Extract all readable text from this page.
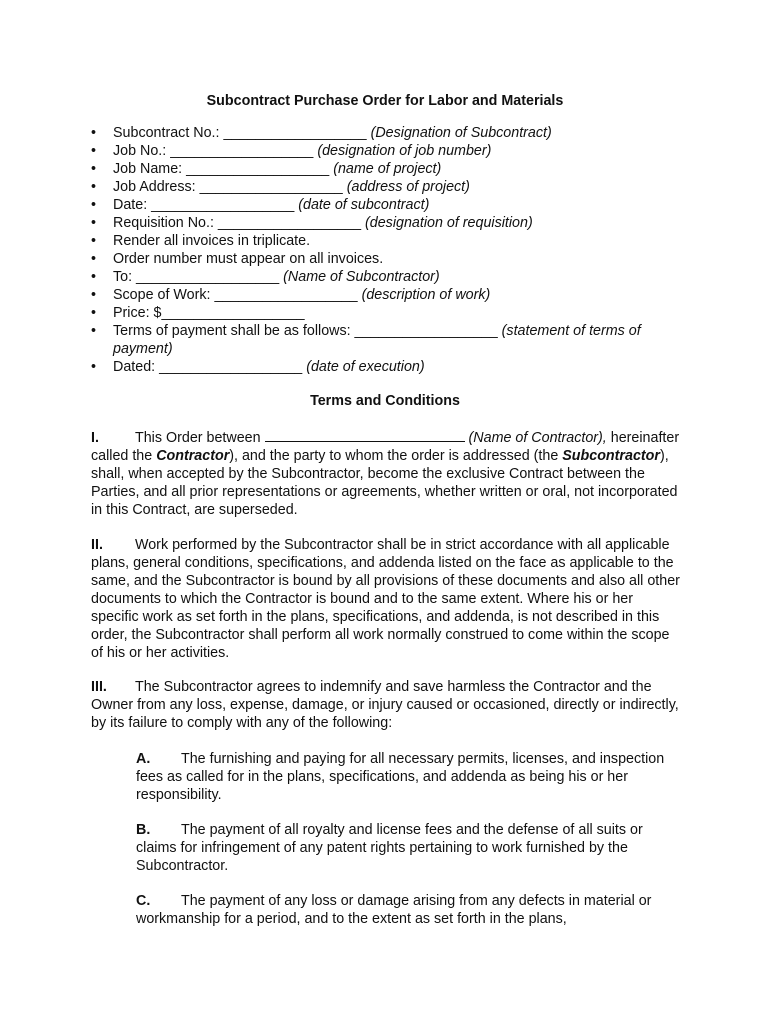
Subcontract Purchase Order for Labor and Materials
• Subcontract No.: __________________ (Designation of Subcontract)
• Job No.: __________________ (designation of job number)
• Job Name: __________________ (name of project)
• Job Address: __________________ (address of project)
• Date: __________________ (date of subcontract)
• Requisition No.: __________________ (designation of requisition)
• Render all invoices in triplicate.
• Order number must appear on all invoices.
• To: __________________ (Name of Subcontractor)
• Scope of Work: __________________ (description of work)
• Price: $__________________
• Terms of payment shall be as follows: __________________ (statement of terms of payment)
• Dated: __________________ (date of execution)
Terms and Conditions
I.	This Order between	(Name of Contractor), hereinafter called the Contractor), and the party to whom the order is addressed (the Subcontractor), shall, when accepted by the Subcontractor, become the exclusive Contract between the Parties, and all prior representations or agreements, whether written or oral, not incorporated in this Contract, are superseded.
II. Work performed by the Subcontractor shall be in strict accordance with all applicable plans, general conditions, specifications, and addenda listed on the face as applicable to the same, and the Subcontractor is bound by all provisions of these documents and also all other documents to which the Contractor is bound and to the same extent. Where his or her specific work as set forth in the plans, specifications, and addenda, is not described in this order, the Subcontractor shall perform all work normally construed to come within the scope of his or her activities.
III. The Subcontractor agrees to indemnify and save harmless the Contractor and the Owner from any loss, expense, damage, or injury caused or occasioned, directly or indirectly, by its failure to comply with any of the following:
A. The furnishing and paying for all necessary permits, licenses, and inspection fees as called for in the plans, specifications, and addenda as being his or her responsibility.
B. The payment of all royalty and license fees and the defense of all suits or claims for infringement of any patent rights pertaining to work furnished by the Subcontractor.
C. The payment of any loss or damage arising from any defects in material or workmanship for a period, and to the extent as set forth in the plans,
